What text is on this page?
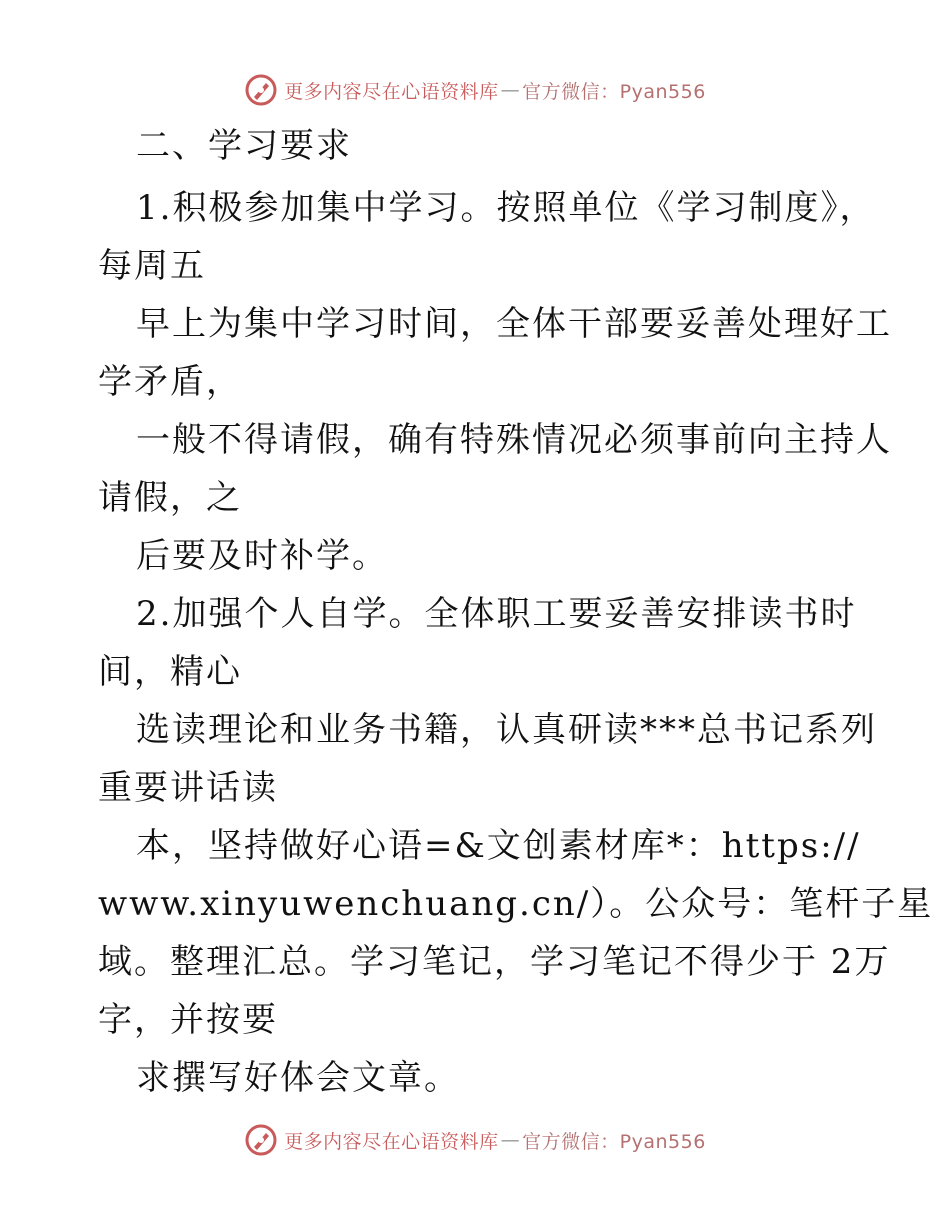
更多内容尽在心语资料库 — 官方微信：Pyan556
二、学习要求
1.积极参加集中学习。按照单位《学习制度》，
每周五
早上为集中学习时间，全体干部要妥善处理好工
学矛盾，
一般不得请假，确有特殊情况必须事前向主持人
请假，之
后要及时补学。
2.加强个人自学。全体职工要妥善安排读书时
间，精心
选读理论和业务书籍，认真研读***总书记系列
重要讲话读
本，坚持做好心语=&文创素材库*：https://
www.xinyuwenchuang.cn/）。公众号：笔杆子星
域。整理汇总。学习笔记，学习笔记不得少于 2万
字，并按要
求撰写好体会文章。
更多内容尽在心语资料库 — 官方微信：Pyan556
